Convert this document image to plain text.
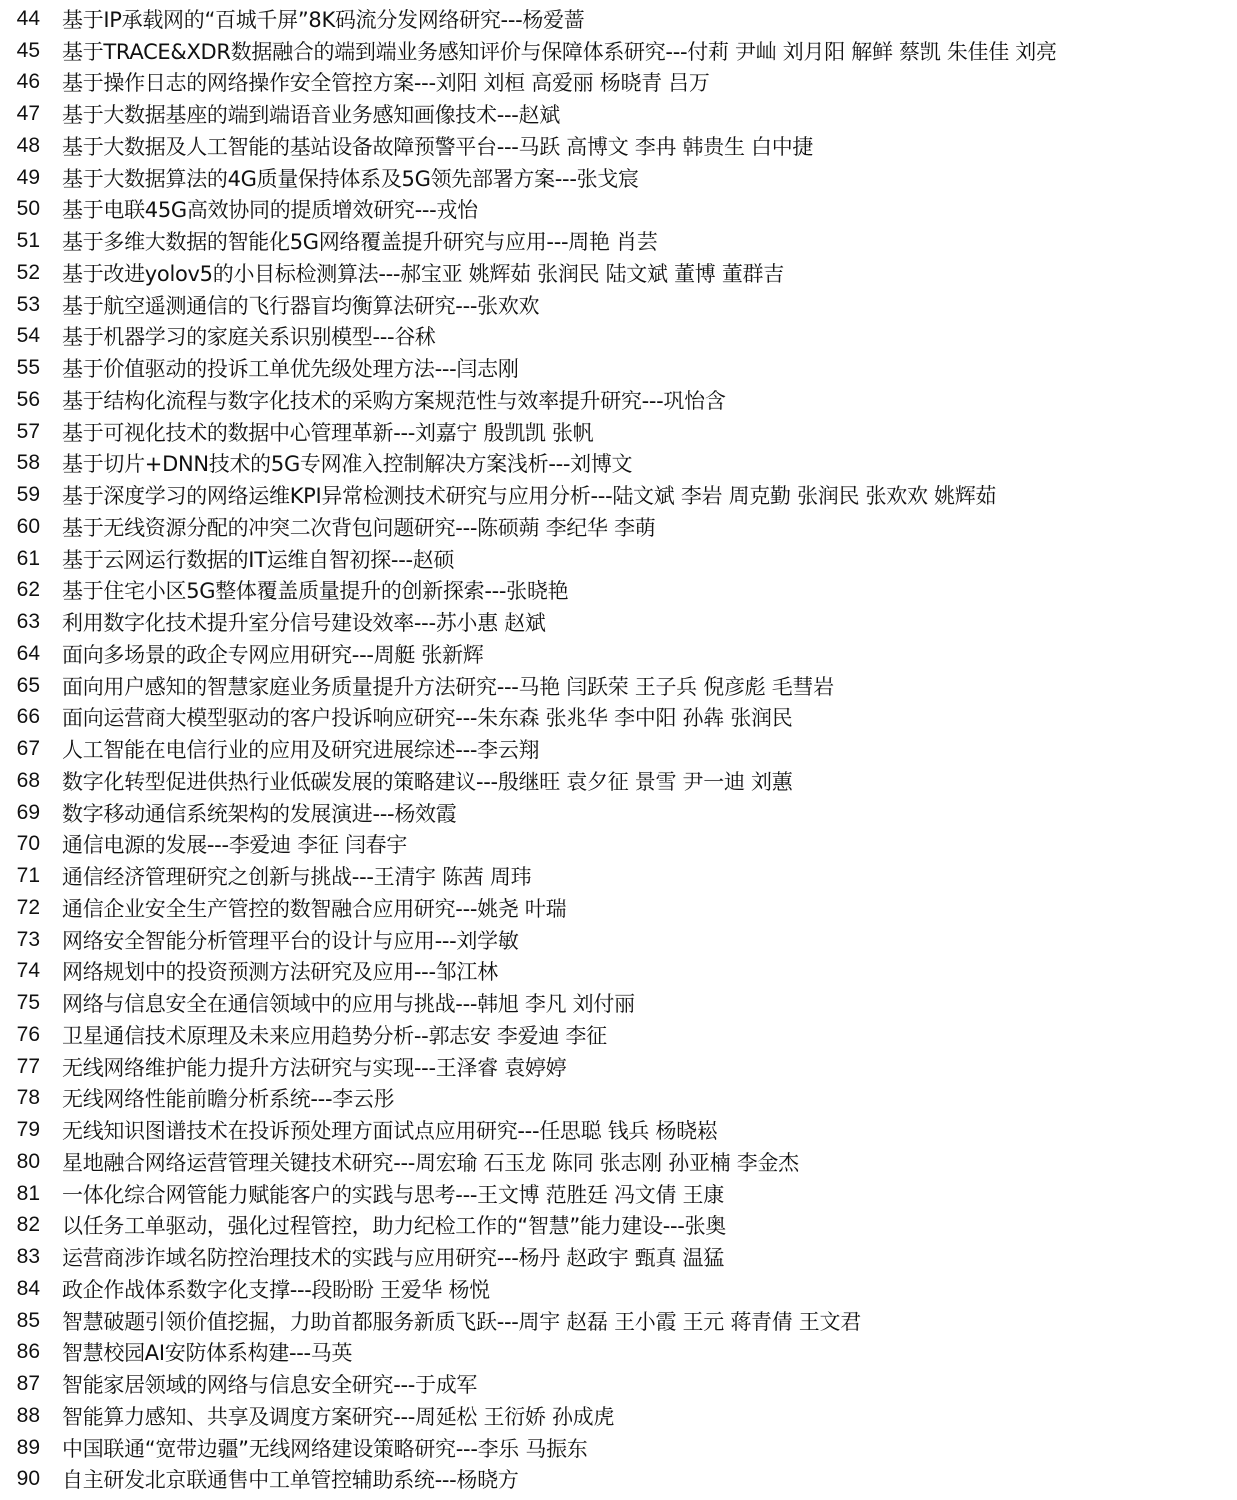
44	基于IP承载网的“百城千屏”8K码流分发网络研究---杨爱蔷
45	基于TRACE&XDR数据融合的端到端业务感知评价与保障体系研究---付莉 尹屾 刘月阳 解鲜 蔡凯 朱佳佳 刘亮
46	基于操作日志的网络操作安全管控方案---刘阳 刘桓 高爱丽 杨晓青 吕万
47	基于大数据基座的端到端语音业务感知画像技术---赵斌
48	基于大数据及人工智能的基站设备故障预警平台---马跃 高博文 李冉 韩贵生 白中捷
49	基于大数据算法的4G质量保持体系及5G领先部署方案---张戈宸
50	基于电联45G高效协同的提质增效研究---戎怡
51	基于多维大数据的智能化5G网络覆盖提升研究与应用---周艳 肖芸
52	基于改进yolov5的小目标检测算法---郝宝亚 姚辉茹 张润民 陆文斌 董博 董群吉
53	基于航空遥测通信的飞行器盲均衡算法研究---张欢欢
54	基于机器学习的家庭关系识别模型---谷秫
55	基于价值驱动的投诉工单优先级处理方法---闫志刚
56	基于结构化流程与数字化技术的采购方案规范性与效率提升研究---巩怡含
57	基于可视化技术的数据中心管理革新---刘嘉宁 殷凯凯 张帆
58	基于切片+DNN技术的5G专网准入控制解决方案浅析---刘博文
59	基于深度学习的网络运维KPI异常检测技术研究与应用分析---陆文斌 李岩 周克勤 张润民 张欢欢 姚辉茹
60	基于无线资源分配的冲突二次背包问题研究---陈硕蒴 李纪华 李萌
61	基于云网运行数据的IT运维自智初探---赵硕
62	基于住宅小区5G整体覆盖质量提升的创新探索---张晓艳
63	利用数字化技术提升室分信号建设效率---苏小惠 赵斌
64	面向多场景的政企专网应用研究---周艇 张新辉
65	面向用户感知的智慧家庭业务质量提升方法研究---马艳 闫跃荣 王子兵 倪彦彪 毛彗岩
66	面向运营商大模型驱动的客户投诉响应研究---朱东森 张兆华 李中阳 孙犇 张润民
67	人工智能在电信行业的应用及研究进展综述---李云翔
68	数字化转型促进供热行业低碳发展的策略建议---殷继旺 袁夕征 景雪 尹一迪 刘蕙
69	数字移动通信系统架构的发展演进---杨效霞
70	通信电源的发展---李爱迪 李征 闫春宇
71	通信经济管理研究之创新与挑战---王清宇 陈茜 周玮
72	通信企业安全生产管控的数智融合应用研究---姚尧 叶瑞
73	网络安全智能分析管理平台的设计与应用---刘学敏
74	网络规划中的投资预测方法研究及应用---邹江林
75	网络与信息安全在通信领域中的应用与挑战---韩旭 李凡 刘付丽
76	卫星通信技术原理及未来应用趋势分析--郭志安 李爱迪 李征
77	无线网络维护能力提升方法研究与实现---王泽睿 袁婷婷
78	无线网络性能前瞻分析系统---李云彤
79	无线知识图谱技术在投诉预处理方面试点应用研究---任思聪 钱兵 杨晓崧
80	星地融合网络运营管理关键技术研究---周宏瑜 石玉龙 陈同 张志刚 孙亚楠 李金杰
81	一体化综合网管能力赋能客户的实践与思考---王文博 范胜廷 冯文倩 王康
82	以任务工单驱动，强化过程管控，助力纪检工作的“智慧”能力建设---张奥
83	运营商涉诈域名防控治理技术的实践与应用研究---杨丹 赵政宇 甄真 温猛
84	政企作战体系数字化支撑---段盼盼 王爱华 杨悦
85	智慧破题引领价值挖掘，力助首都服务新质飞跃---周宇 赵磊 王小霞 王元 蒋青倩 王文君
86	智慧校园AI安防体系构建---马英
87	智能家居领域的网络与信息安全研究---于成军
88	智能算力感知、共享及调度方案研究---周延松 王衍娇 孙成虎
89	中国联通“宽带边疆”无线网络建设策略研究---李乐 马振东
90	自主研发北京联通售中工单管控辅助系统---杨晓方
